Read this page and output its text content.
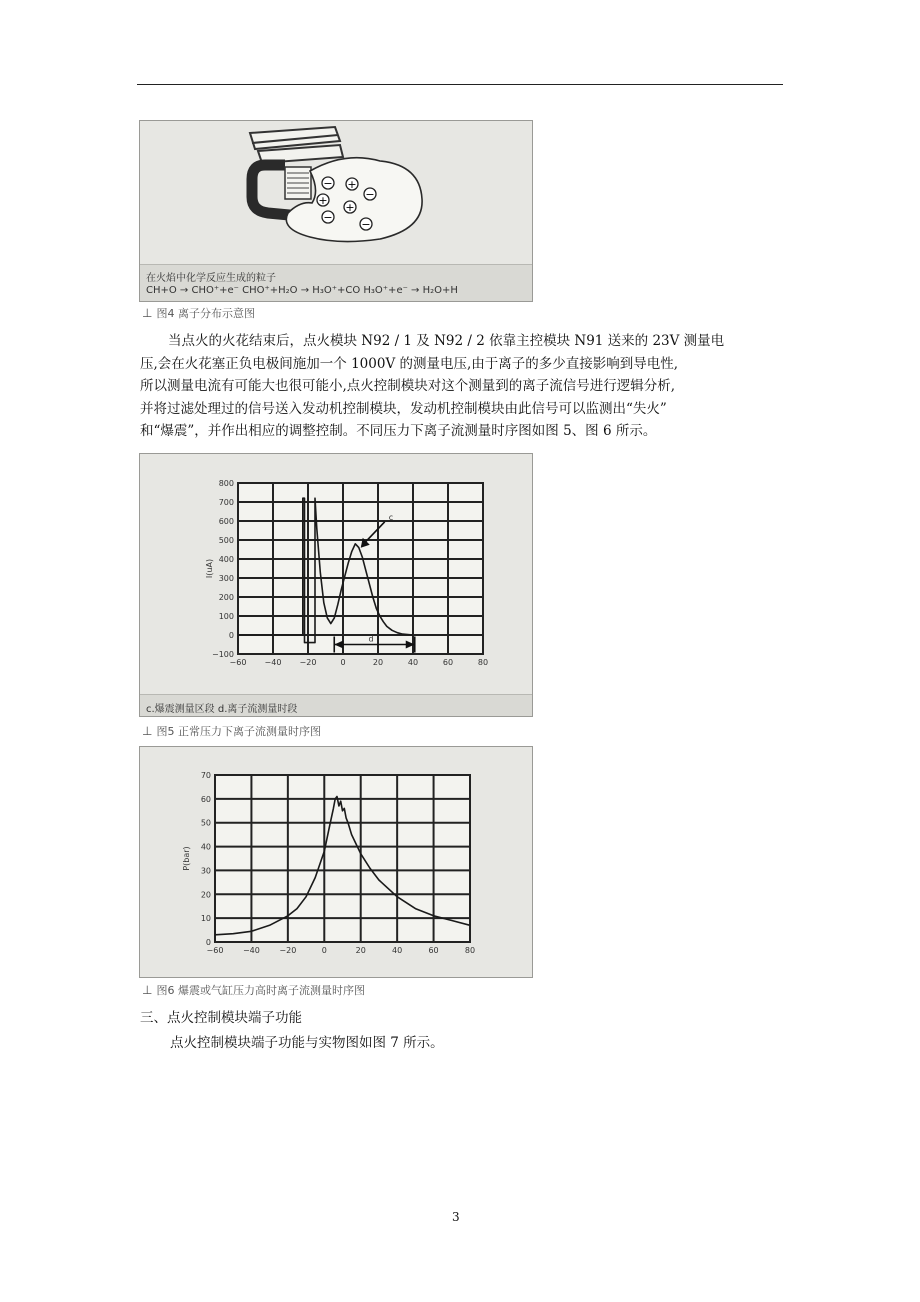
− +
−
+
+
−
−
在火焰中化学反应生成的粒子
CH+O → CHO⁺+e⁻ CHO⁺+H₂O → H₃O⁺+CO H₃O⁺+e⁻ → H₂O+H
⊥ 图4 离子分布示意图

当点火的火花结束后，点火模块 N92 / 1 及 N92 / 2 依靠主控模块 N91 送来的 23V 测量电

压,会在火花塞正负电极间施加一个 1000V 的测量电压,由于离子的多少直接影响到导电性,

所以测量电流有可能大也很可能小,点火控制模块对这个测量到的离子流信号进行逻辑分析,

并将过滤处理过的信号送入发动机控制模块，发动机控制模块由此信号可以监测出“失火”

和“爆震”，并作出相应的调整控制。不同压力下离子流测量时序图如图 5、图 6 所示。

−60 −40 −20	0	20	40	60	80
800
700
600
500
400
300
200
100
0
−100
I(uA)
c
d
c.爆震测量区段 d.离子流测量时段
⊥ 图5 正常压力下离子流测量时序图
−60 −40 −20	0	20	40	60	80
70
60
50
40
30
20
10
0
P(bar)
⊥ 图6 爆震或气缸压力高时离子流测量时序图
三、点火控制模块端子功能
点火控制模块端子功能与实物图如图 7 所示。
3
